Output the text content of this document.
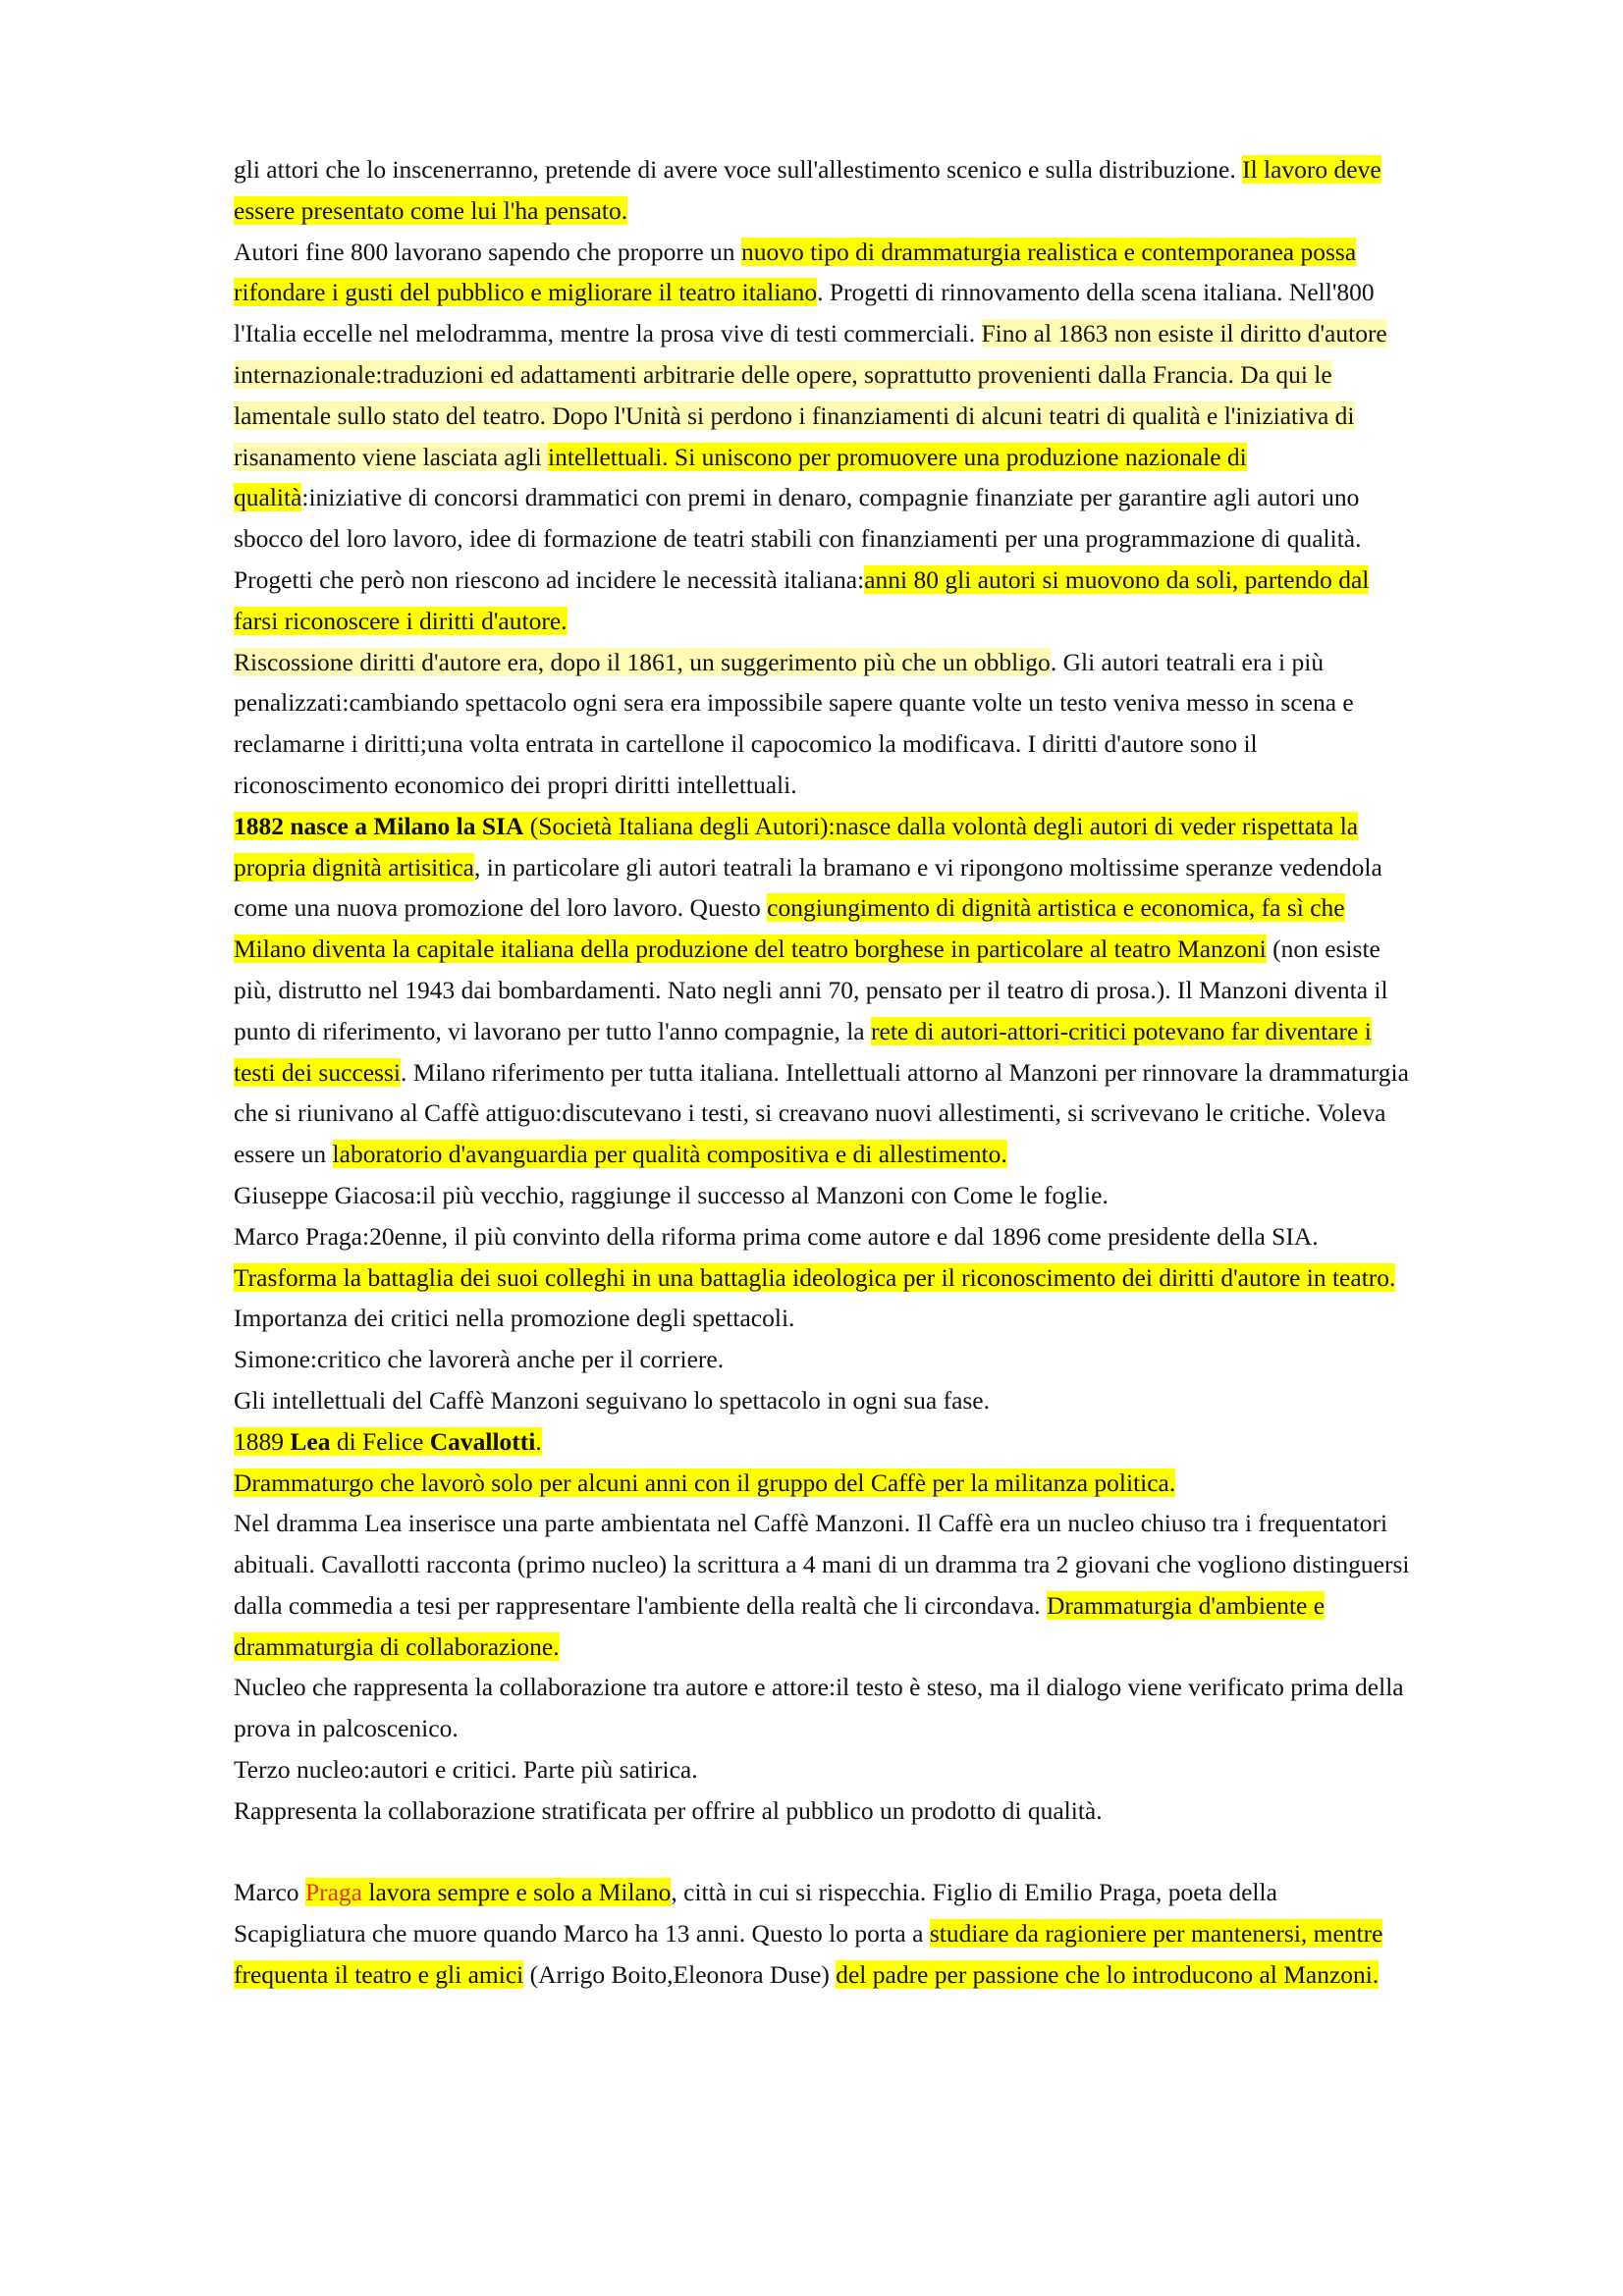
gli attori che lo inscenerranno, pretende di avere voce sull'allestimento scenico e sulla distribuzione. Il lavoro deve essere presentato come lui l'ha pensato.

Autori fine 800 lavorano sapendo che proporre un nuovo tipo di drammaturgia realistica e contemporanea possa rifondare i gusti del pubblico e migliorare il teatro italiano. Progetti di rinnovamento della scena italiana. Nell'800 l'Italia eccelle nel melodramma, mentre la prosa vive di testi commerciali. Fino al 1863 non esiste il diritto d'autore internazionale:traduzioni ed adattamenti arbitrarie delle opere, soprattutto provenienti dalla Francia. Da qui le lamentale sullo stato del teatro. Dopo l'Unità si perdono i finanziamenti di alcuni teatri di qualità e l'iniziativa di risanamento viene lasciata agli intellettuali. Si uniscono per promuovere una produzione nazionale di qualità:iniziative di concorsi drammatici con premi in denaro, compagnie finanziate per garantire agli autori uno sbocco del loro lavoro, idee di formazione de teatri stabili con finanziamenti per una programmazione di qualità. Progetti che però non riescono ad incidere le necessità italiana:anni 80 gli autori si muovono da soli, partendo dal farsi riconoscere i diritti d'autore.

Riscossione diritti d'autore era, dopo il 1861, un suggerimento più che un obbligo. Gli autori teatrali era i più penalizzati:cambiando spettacolo ogni sera era impossibile sapere quante volte un testo veniva messo in scena e reclamarne i diritti;una volta entrata in cartellone il capocomico la modificava. I diritti d'autore sono il riconoscimento economico dei propri diritti intellettuali.

1882 nasce a Milano la SIA (Società Italiana degli Autori):nasce dalla volontà degli autori di veder rispettata la propria dignità artisitica, in particolare gli autori teatrali la bramano e vi ripongono moltissime speranze vedendola come una nuova promozione del loro lavoro. Questo congiungimento di dignità artistica e economica, fa sì che Milano diventa la capitale italiana della produzione del teatro borghese in particolare al teatro Manzoni (non esiste più, distrutto nel 1943 dai bombardamenti. Nato negli anni 70, pensato per il teatro di prosa.). Il Manzoni diventa il punto di riferimento, vi lavorano per tutto l'anno compagnie, la rete di autori-attori-critici potevano far diventare i testi dei successi. Milano riferimento per tutta italiana. Intellettuali attorno al Manzoni per rinnovare la drammaturgia che si riunivano al Caffè attiguo:discutevano i testi, si creavano nuovi allestimenti, si scrivevano le critiche. Voleva essere un laboratorio d'avanguardia per qualità compositiva e di allestimento.

Giuseppe Giacosa:il più vecchio, raggiunge il successo al Manzoni con Come le foglie.

Marco Praga:20enne, il più convinto della riforma prima come autore e dal 1896 come presidente della SIA. Trasforma la battaglia dei suoi colleghi in una battaglia ideologica per il riconoscimento dei diritti d'autore in teatro.

Importanza dei critici nella promozione degli spettacoli.

Simone:critico che lavorerà anche per il corriere.

Gli intellettuali del Caffè Manzoni seguivano lo spettacolo in ogni sua fase.

1889 Lea di Felice Cavallotti.

Drammaturgo che lavorò solo per alcuni anni con il gruppo del Caffè per la militanza politica.

Nel dramma Lea inserisce una parte ambientata nel Caffè Manzoni. Il Caffè era un nucleo chiuso tra i frequentatori abituali. Cavallotti racconta (primo nucleo) la scrittura a 4 mani di un dramma tra 2 giovani che vogliono distinguersi dalla commedia a tesi per rappresentare l'ambiente della realtà che li circondava. Drammaturgia d'ambiente e drammaturgia di collaborazione.

Nucleo che rappresenta la collaborazione tra autore e attore:il testo è steso, ma il dialogo viene verificato prima della prova in palcoscenico.

Terzo nucleo:autori e critici. Parte più satirica.

Rappresenta la collaborazione stratificata per offrire al pubblico un prodotto di qualità.

Marco Praga lavora sempre e solo a Milano, città in cui si rispecchia. Figlio di Emilio Praga, poeta della Scapigliatura che muore quando Marco ha 13 anni. Questo lo porta a studiare da ragioniere per mantenersi, mentre frequenta il teatro e gli amici (Arrigo Boito,Eleonora Duse) del padre per passione che lo introducono al Manzoni.
